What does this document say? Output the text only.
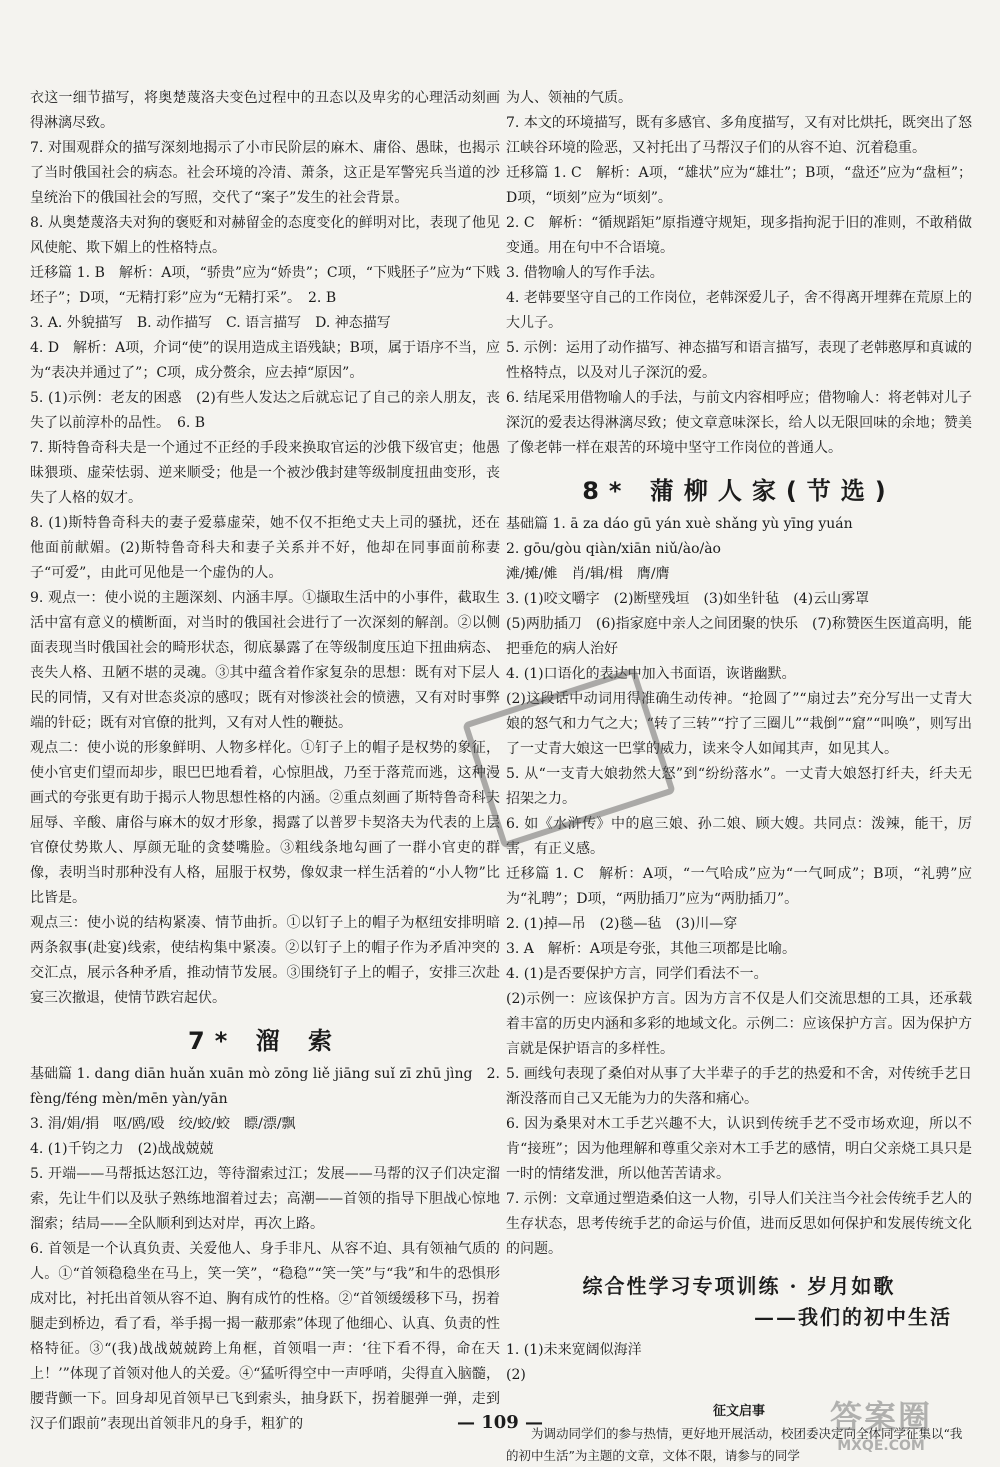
衣这一细节描写，将奥楚蔑洛夫变色过程中的丑态以及卑劣的心理活动刻画得淋漓尽致。

7. 对围观群众的描写深刻地揭示了小市民阶层的麻木、庸俗、愚昧，也揭示了当时俄国社会的病态。社会环境的冷清、萧条，这正是军警宪兵当道的沙皇统治下的俄国社会的写照，交代了“案子”发生的社会背景。

8. 从奥楚蔑洛夫对狗的褒贬和对赫留金的态度变化的鲜明对比，表现了他见风使舵、欺下媚上的性格特点。

迁移篇 1. B　解析：A项，“骄贵”应为“娇贵”；C项，“下贱胚子”应为“下贱坯子”；D项，“无精打彩”应为“无精打采”。　2. B

3. A. 外貌描写　B. 动作描写　C. 语言描写　D. 神态描写

4. D　解析：A项，介词“使”的误用造成主语残缺；B项，属于语序不当，应为“表决并通过了”；C项，成分赘余，应去掉“原因”。

5. (1)示例：老友的困惑　(2)有些人发达之后就忘记了自己的亲人朋友，丧失了以前淳朴的品性。　6. B

7. 斯特鲁奇科夫是一个通过不正经的手段来换取官运的沙俄下级官吏；他愚昧猥琐、虚荣怯弱、逆来顺受；他是一个被沙俄封建等级制度扭曲变形，丧失了人格的奴才。

8. (1)斯特鲁奇科夫的妻子爱慕虚荣，她不仅不拒绝丈夫上司的骚扰，还在他面前献媚。(2)斯特鲁奇科夫和妻子关系并不好，他却在同事面前称妻子“可爱”，由此可见他是一个虚伪的人。

9. 观点一：使小说的主题深刻、内涵丰厚。①撷取生活中的小事件，截取生活中富有意义的横断面，对当时的俄国社会进行了一次深刻的解剖。②以侧面表现当时俄国社会的畸形状态，彻底暴露了在等级制度压迫下扭曲病态、丧失人格、丑陋不堪的灵魂。③其中蕴含着作家复杂的思想：既有对下层人民的同情，又有对世态炎凉的感叹；既有对惨淡社会的愤懑，又有对时事弊端的针砭；既有对官僚的批判，又有对人性的鞭挞。

观点二：使小说的形象鲜明、人物多样化。①钉子上的帽子是权势的象征，使小官吏们望而却步，眼巴巴地看着，心惊胆战，乃至于落荒而逃，这种漫画式的夸张更有助于揭示人物思想性格的内涵。②重点刻画了斯特鲁奇科夫屈辱、辛酸、庸俗与麻木的奴才形象，揭露了以普罗卡契洛夫为代表的上层官僚仗势欺人、厚颜无耻的贪婪嘴脸。③粗线条地勾画了一群小官吏的群像，表明当时那种没有人格，屈服于权势，像奴隶一样生活着的“小人物”比比皆是。

观点三：使小说的结构紧凑、情节曲折。①以钉子上的帽子为枢纽安排明暗两条叙事(赴宴)线索，使结构集中紧凑。②以钉子上的帽子作为矛盾冲突的交汇点，展示各种矛盾，推动情节发展。③围绕钉子上的帽子，安排三次赴宴三次撤退，使情节跌宕起伏。

7* 溜 索

基础篇 1. dang diān huǎn xuān mò zōng liě jiāng suǐ zī zhū jìng　2. fèng/féng mèn/mēn yàn/yān

3. 涓/娟/捐　呕/鸥/殴　绞/蛟/蛟　瞟/漂/飘

4. (1)千钧之力　(2)战战兢兢

5. 开端——马帮抵达怒江边，等待溜索过江；发展——马帮的汉子们决定溜索，先让牛们以及驮子熟练地溜着过去；高潮——首领的指导下胆战心惊地溜索；结局——全队顺利到达对岸，再次上路。

6. 首领是一个认真负责、关爱他人、身手非凡、从容不迫、具有领袖气质的人。①“首领稳稳坐在马上，笑一笑”，“稳稳”“笑一笑”与“我”和牛的恐惧形成对比，衬托出首领从容不迫、胸有成竹的性格。②“首领缓缓移下马，拐着腿走到桥边，看了看，举手揭一揭一蔽那索”体现了他细心、认真、负责的性格特征。③“(我)战战兢兢跨上角框，首领唱一声：‘往下看不得，命在天上！’”体现了首领对他人的关爱。④“猛听得空中一声呼哨，尖得直入脑髓，腰背颤一下。回身却见首领早已飞到索头，抽身跃下，拐着腿弹一弹，走到汉子们跟前”表现出首领非凡的身手，粗犷的

为人、领袖的气质。

7. 本文的环境描写，既有多感官、多角度描写，又有对比烘托，既突出了怒江峡谷环境的险恶，又衬托出了马帮汉子们的从容不迫、沉着稳重。

迁移篇 1. C　解析：A项，“雄状”应为“雄壮”；B项，“盘还”应为“盘桓”；D项，“顷刻”应为“顷刻”。

2. C　解析：“循规蹈矩”原指遵守规矩，现多指拘泥于旧的准则，不敢稍做变通。用在句中不合语境。

3. 借物喻人的写作手法。

4. 老韩要坚守自己的工作岗位，老韩深爱儿子，舍不得离开埋葬在荒原上的大儿子。

5. 示例：运用了动作描写、神态描写和语言描写，表现了老韩憨厚和真诚的性格特点，以及对儿子深沉的爱。

6. 结尾采用借物喻人的手法，与前文内容相呼应；借物喻人：将老韩对儿子深沉的爱表达得淋漓尽致；使文章意味深长，给人以无限回味的余地；赞美了像老韩一样在艰苦的环境中坚守工作岗位的普通人。

8* 蒲柳人家(节选)

基础篇 1. ā za dáo gū yán xuè shǎng yù yīng yuán

2. gōu/gòu qiàn/xiān niǔ/ào/ào

滩/摊/傩　肖/辑/楫　膺/膺

3. (1)咬文嚼字　(2)断壁残垣　(3)如坐针毡　(4)云山雾罩

(5)两肋插刀　(6)指家庭中亲人之间团聚的快乐　(7)称赞医生医道高明，能把垂危的病人治好

4. (1)口语化的表达中加入书面语，诙谐幽默。

(2)这段话中动词用得准确生动传神。“抢圆了”“扇过去”充分写出一丈青大娘的怒气和力气之大；“转了三转”“拧了三圈儿”“栽倒”“窟”“叫唤”，则写出了一丈青大娘这一巴掌的威力，读来令人如闻其声，如见其人。

5. 从“一支青大娘勃然大怒”到“纷纷落水”。一丈青大娘怒打纤夫，纤夫无招架之力。

6. 如《水浒传》中的扈三娘、孙二娘、顾大嫂。共同点：泼辣，能干，厉害，有正义感。

迁移篇 1. C　解析：A项，“一气哈成”应为“一气呵成”；B项，“礼骋”应为“礼聘”；D项，“两肋插刀”应为“两肋插刀”。

2. (1)掉—吊　(2)毯—毡　(3)川—穿

3. A　解析：A项是夸张，其他三项都是比喻。

4. (1)是否要保护方言，同学们看法不一。

(2)示例一：应该保护方言。因为方言不仅是人们交流思想的工具，还承载着丰富的历史内涵和多彩的地域文化。示例二：应该保护方言。因为保护方言就是保护语言的多样性。

5. 画线句表现了桑伯对从事了大半辈子的手艺的热爱和不舍，对传统手艺日渐没落而自己又无能为力的失落和痛心。

6. 因为桑果对木工手艺兴趣不大，认识到传统手艺不受市场欢迎，所以不肯“接班”；因为他理解和尊重父亲对木工手艺的感情，明白父亲烧工具只是一时的情绪发泄，所以他苦苦请求。

7. 示例：文章通过塑造桑伯这一人物，引导人们关注当今社会传统手艺人的生存状态，思考传统手艺的命运与价值，进而反思如何保护和发展传统文化的问题。

综合性学习专项训练 · 岁月如歌
——我们的初中生活

1. (1)未来宽阔似海洋

(2)

征文启事

为调动同学们的参与热情，更好地开展活动，校团委决定向全体同学征集以“我的初中生活”为主题的文章，文体不限，请参与的同学

— 109 —	答案圈
MXQE.COM
